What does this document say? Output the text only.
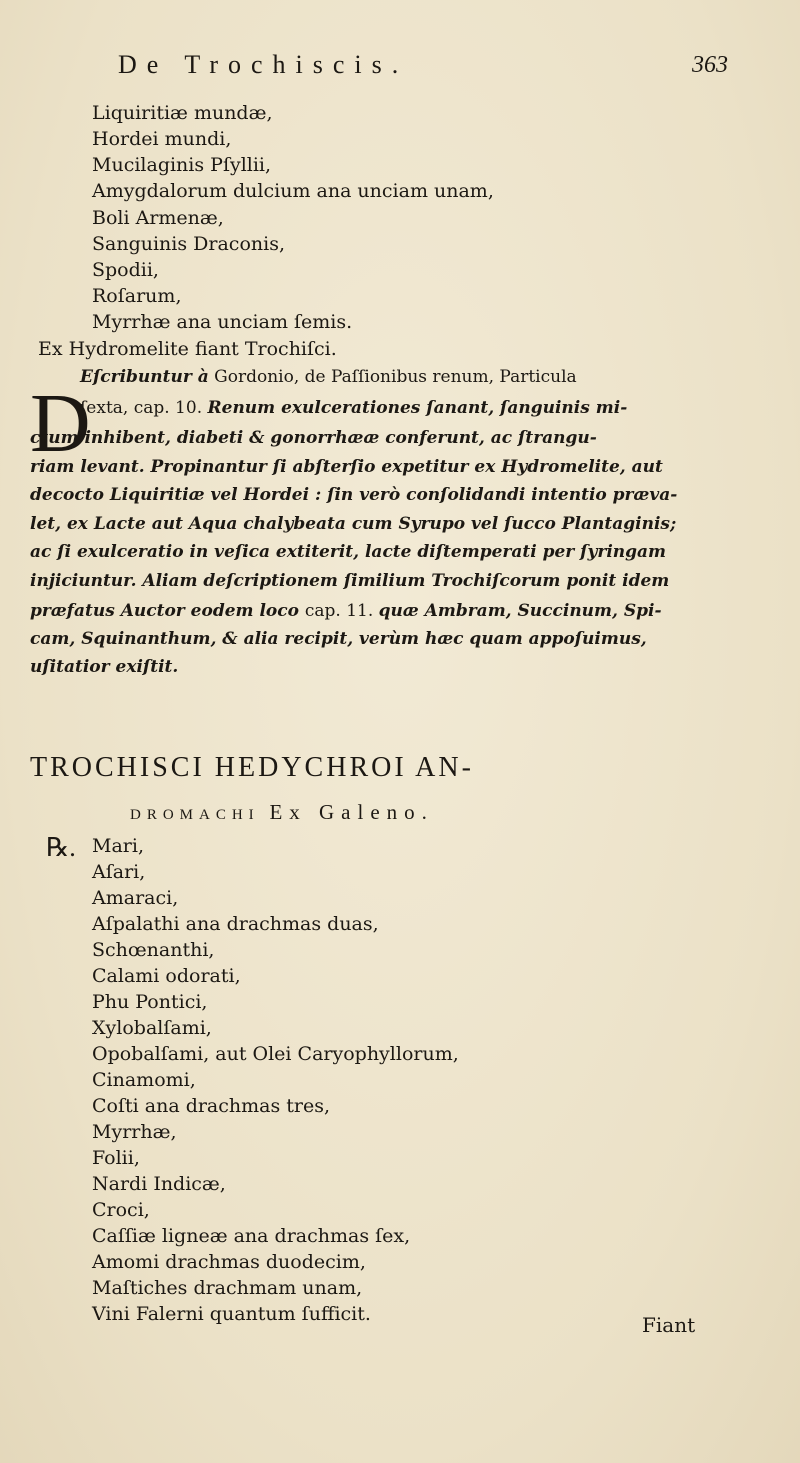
De Trochiscis.	363
Liquiritiæ mundæ,
Hordei mundi,
Mucilaginis Pſyllii,
Amygdalorum dulcium ana unciam unam,
Boli Armenæ,
Sanguinis Draconis,
Spodii,
Roſarum,
Myrrhæ ana unciam ſemis.
Ex Hydromelite fiant Trochiſci.
D
Eſcribuntur à Gordonio, de Paſſionibus renum, Particula
ſexta, cap. 10. Renum exulcerationes ſanant, ſanguinis mi-
ctum inhibent, diabeti & gonorrhææ conferunt, ac ſtrangu-
riam levant. Propinantur ſi abſterſio expetitur ex Hydromelite, aut
decocto Liquiritiæ vel Hordei : ſin verò conſolidandi intentio præva-
let, ex Lacte aut Aqua chalybeata cum Syrupo vel ſucco Plantaginis;
ac ſi exulceratio in veſica extiterit, lacte diſtemperati per ſyringam
injiciuntur. Aliam deſcriptionem ſimilium Trochiſcorum ponit idem
præfatus Auctor eodem loco cap. 11. quæ Ambram, Succinum, Spi-
cam, Squinanthum, & alia recipit, verùm hæc quam appoſuimus,
uſitatior exiſtit.
TROCHISCI HEDYCHROI AN-
DROMACHI Ex Galeno.
℞. Mari,
Aſari,
Amaraci,
Aſpalathi ana drachmas duas,
Schœnanthi,
Calami odorati,
Phu Pontici,
Xylobalſami,
Opobalſami, aut Olei Caryophyllorum,
Cinamomi,
Coſti ana drachmas tres,
Myrrhæ,
Folii,
Nardi Indicæ,
Croci,
Caſſiæ ligneæ ana drachmas ſex,
Amomi drachmas duodecim,
Maſtiches drachmam unam,
Vini Falerni quantum ſufficit.	Fiant
